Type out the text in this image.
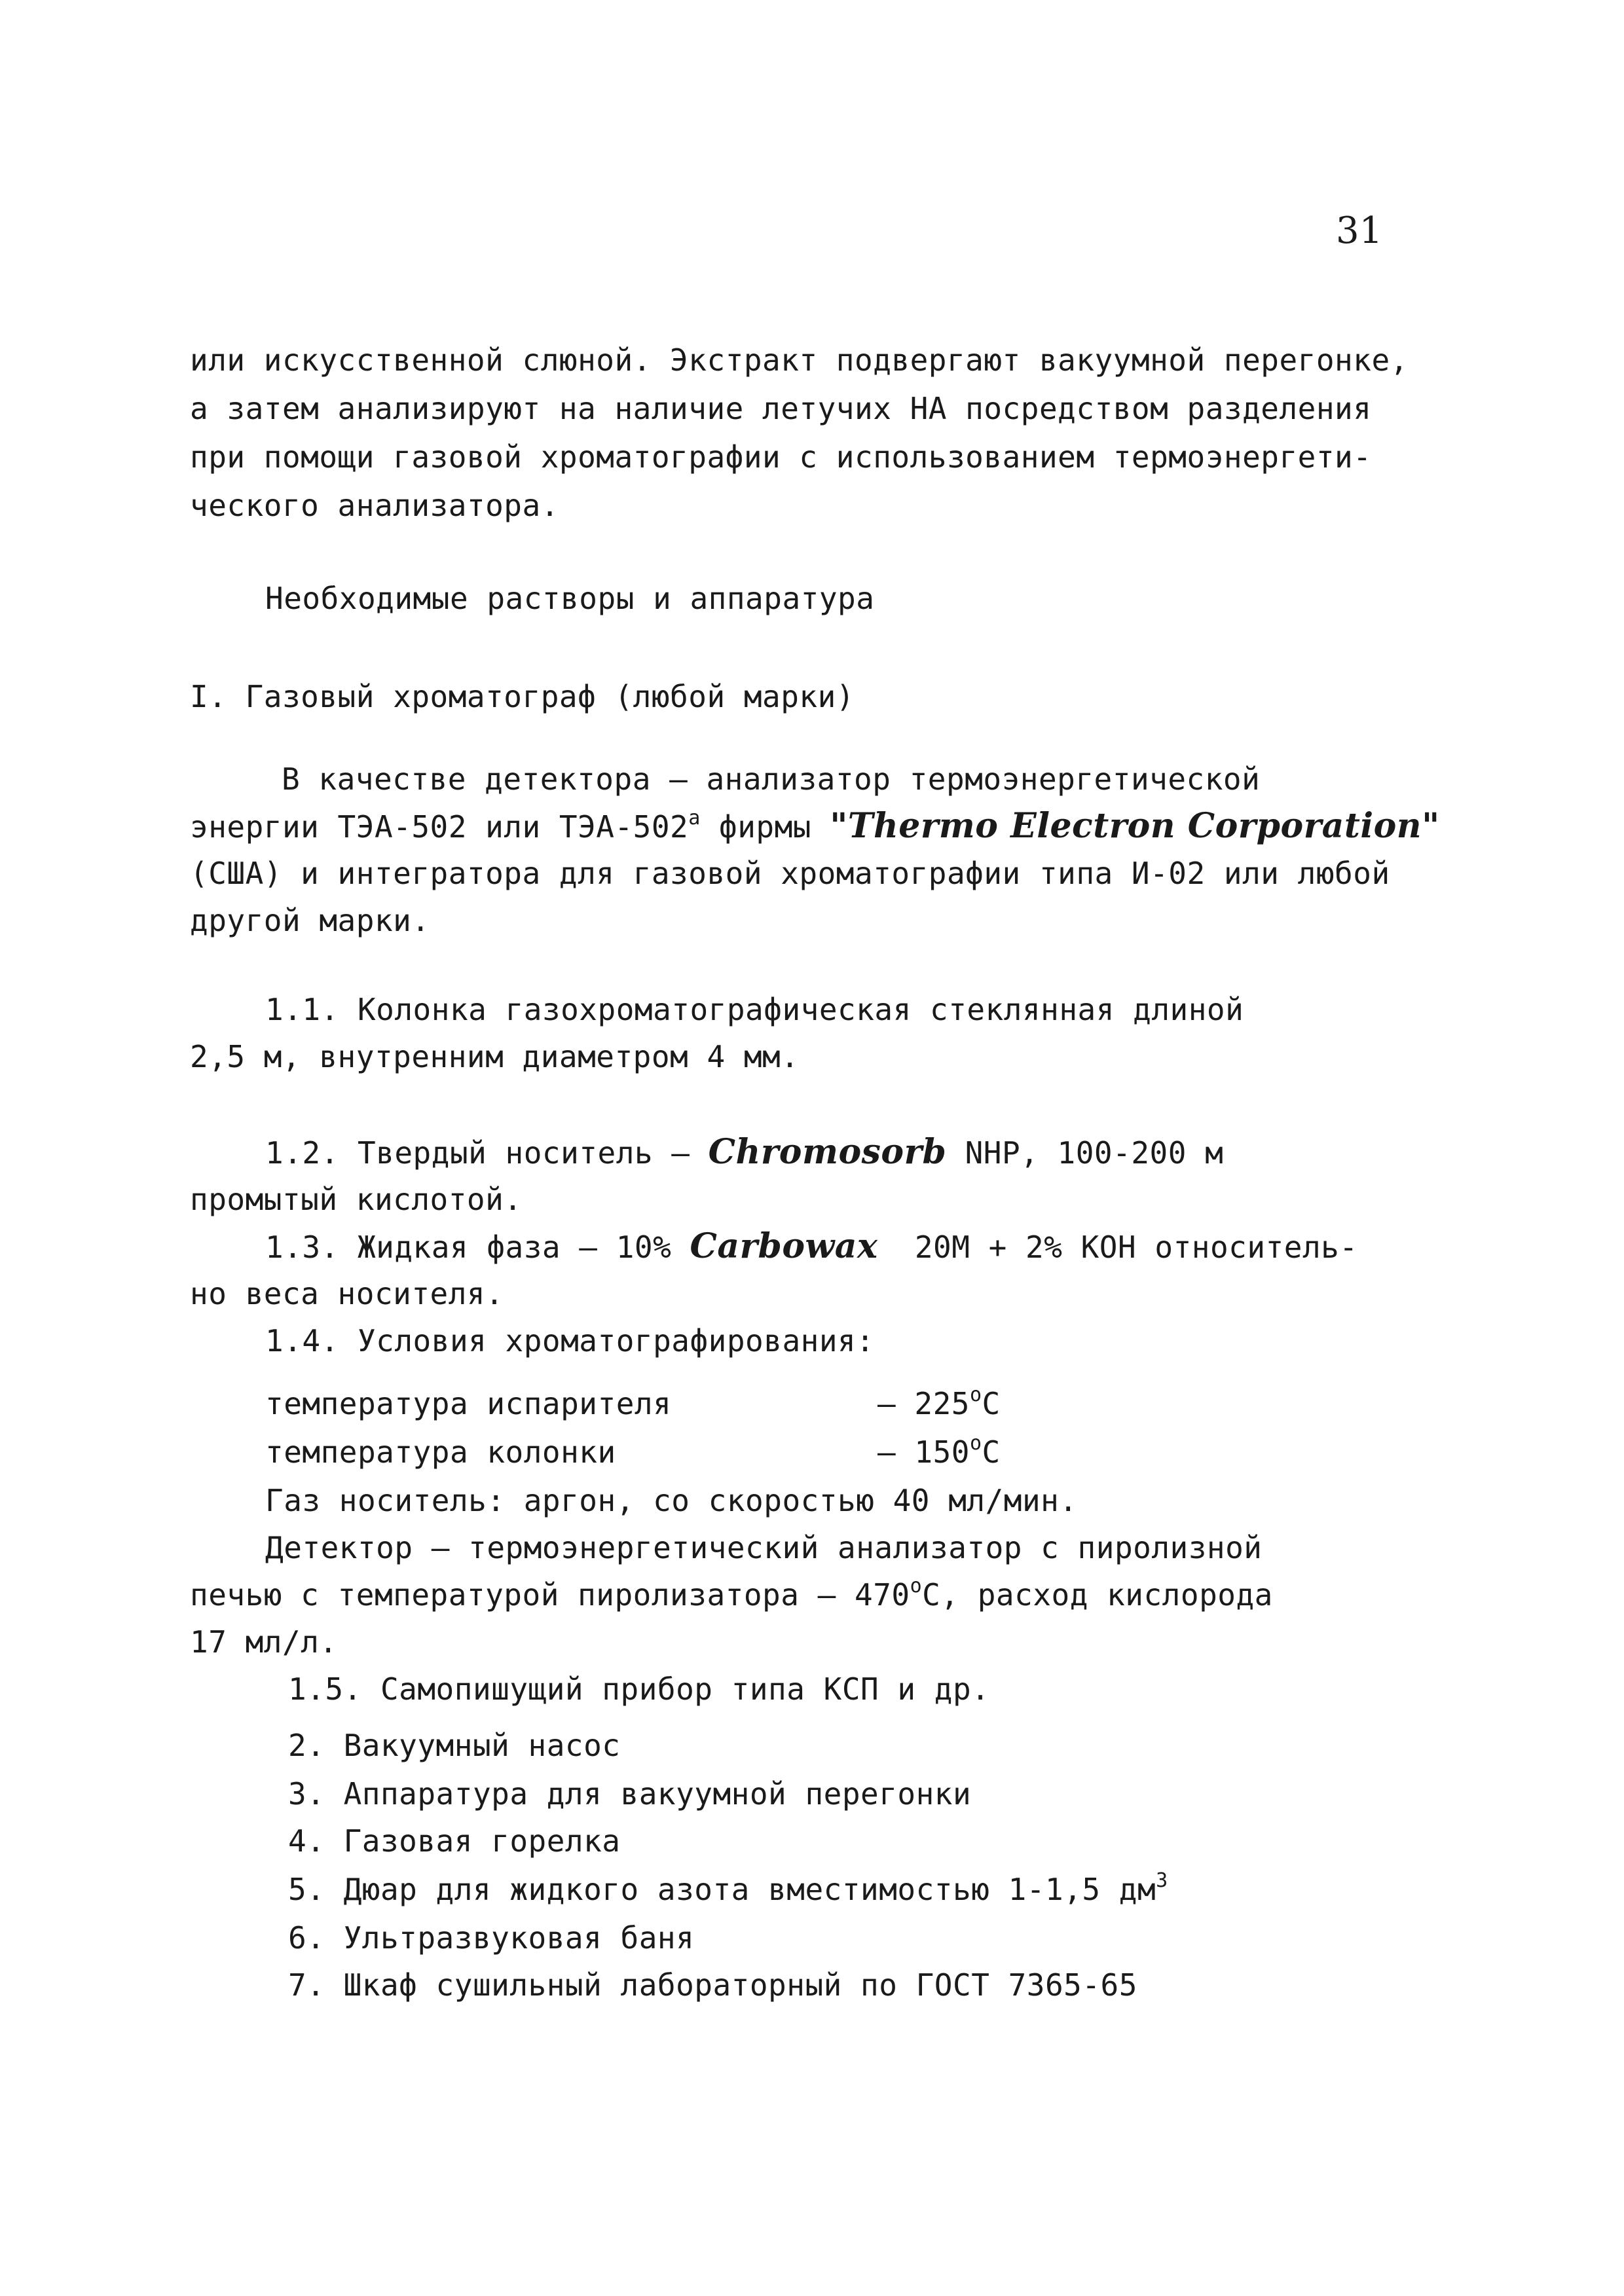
31
или искусственной слюной. Экстракт подвергают вакуумной перегонке,
а затем анализируют на наличие летучих НА посредством разделения
при помощи газовой хроматографии с использованием термоэнергети-
ческого анализатора.
Необходимые растворы и аппаратура
I. Газовый хроматограф (любой марки)
В качестве детектора – анализатор термоэнергетической
энергии ТЭА-502 или ТЭА-$502^а$ фирмы "Thermo Electron Corporation"
(США) и интегратора для газовой хроматографии типа И-02 или любой
другой марки.
1.1. Колонка газохроматографическая стеклянная длиной
2,5 м, внутренним диаметром 4 мм.
1.2. Твердый носитель – Chromosorb NHP, 100-200 м
промытый кислотой.
1.3. Жидкая фаза – 10% Carbowax  20M + 2% KOH относитель-
но веса носителя.
1.4. Условия хроматографирования:
температура испарителя	– 225$^o$C
температура колонки	– 150$^o$C
Газ носитель: аргон, со скоростью 40 мл/мин.
Детектор – термоэнергетический анализатор с пиролизной
печью с температурой пиролизатора – 470$^o$C, расход кислорода
17 мл/л.
1.5. Самопишущий прибор типа КСП и др.
2. Вакуумный насос
3. Аппаратура для вакуумной перегонки
4. Газовая горелка
5. Дюар для жидкого азота вместимостью 1-1,5 $дм^3$
6. Ультразвуковая баня
7. Шкаф сушильный лабораторный по ГОСТ 7365-65
